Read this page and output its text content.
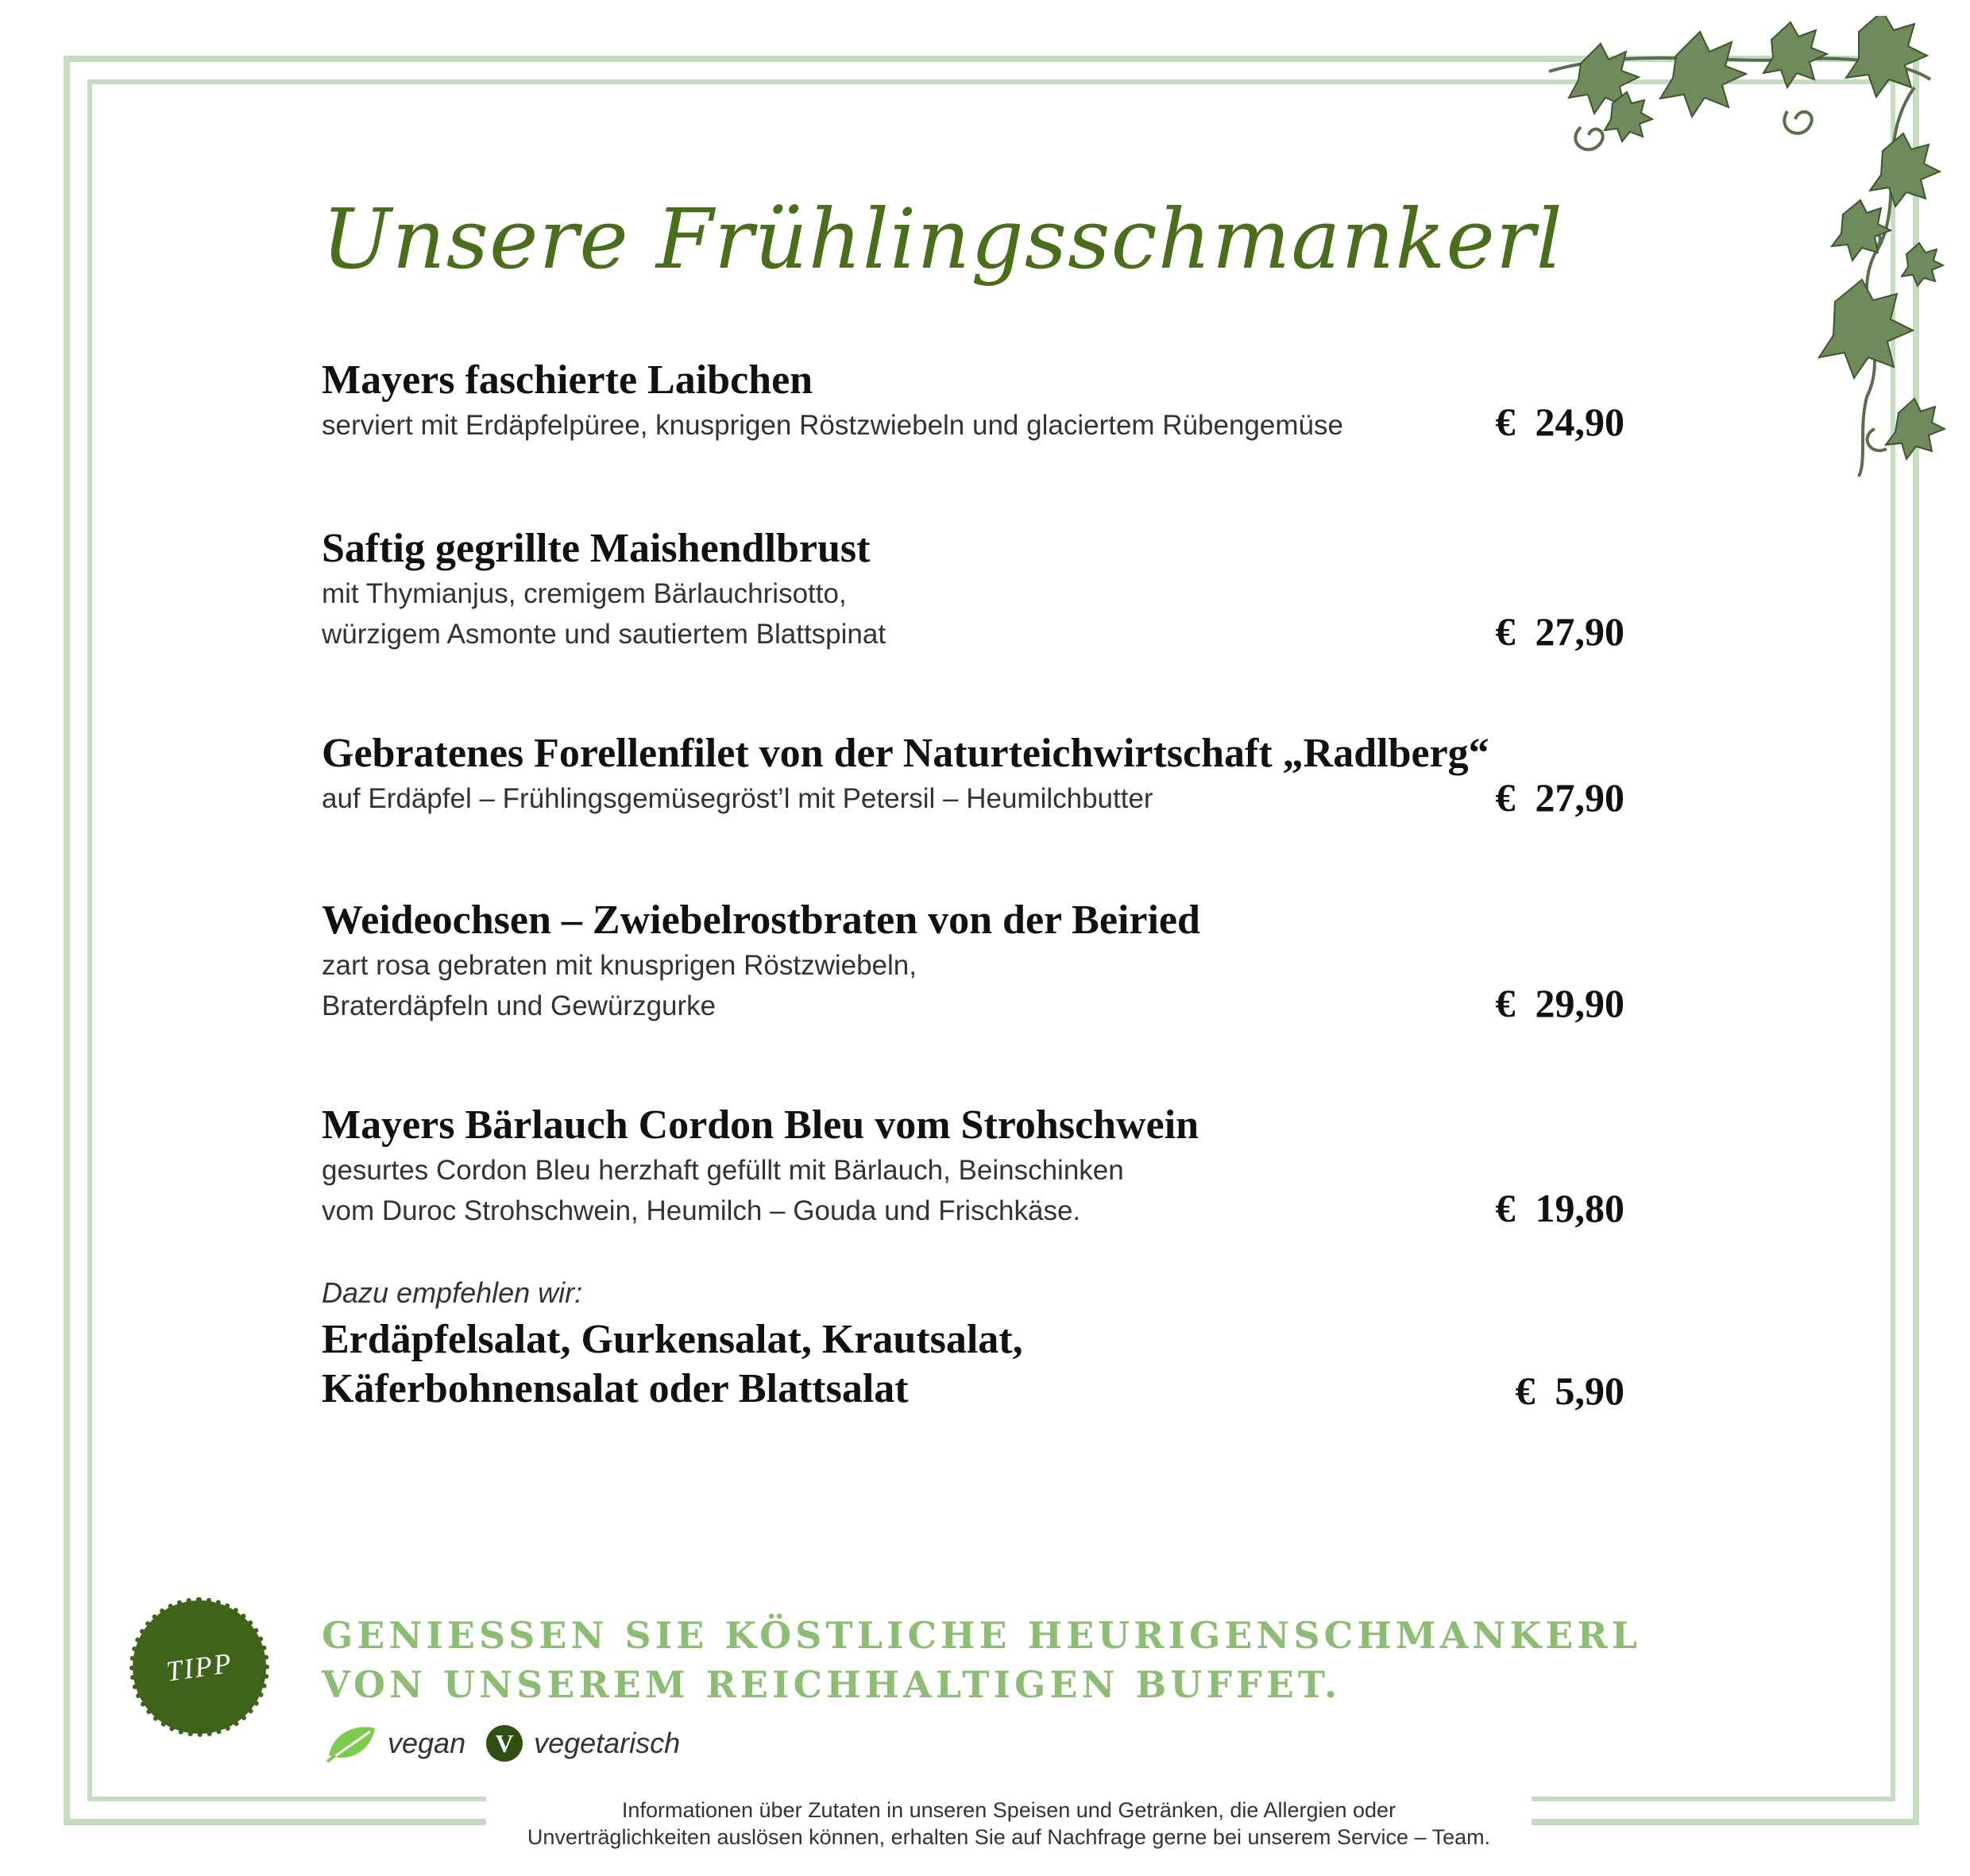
Unsere Frühlingsschmankerl
Mayers faschierte Laibchen
serviert mit Erdäpfelpüree, knusprigen Röstzwiebeln und glaciertem Rübengemüse	€ 24,90
Saftig gegrillte Maishendlbrust
mit Thymianjus, cremigem Bärlauchrisotto,
würzigem Asmonte und sautiertem Blattspinat	€ 27,90
Gebratenes Forellenfilet von der Naturteichwirtschaft „Radlberg“
auf Erdäpfel – Frühlingsgemüsegröst’l mit Petersil – Heumilchbutter	€ 27,90
Weideochsen – Zwiebelrostbraten von der Beiried
zart rosa gebraten mit knusprigen Röstzwiebeln,
Braterdäpfeln und Gewürzgurke	€ 29,90
Mayers Bärlauch Cordon Bleu vom Strohschwein
gesurtes Cordon Bleu herzhaft gefüllt mit Bärlauch, Beinschinken
vom Duroc Strohschwein, Heumilch – Gouda und Frischkäse.	€ 19,80
Dazu empfehlen wir:
Erdäpfelsalat, Gurkensalat, Krautsalat,
Käferbohnensalat oder Blattsalat	€  5,90
TIPP
GENIESSEN SIE KÖSTLICHE HEURIGENSCHMANKERL
VON UNSEREM REICHHALTIGEN BUFFET.
vegan	V vegetarisch
Informationen über Zutaten in unseren Speisen und Getränken, die Allergien oder
Unverträglichkeiten auslösen können, erhalten Sie auf Nachfrage gerne bei unserem Service – Team.
